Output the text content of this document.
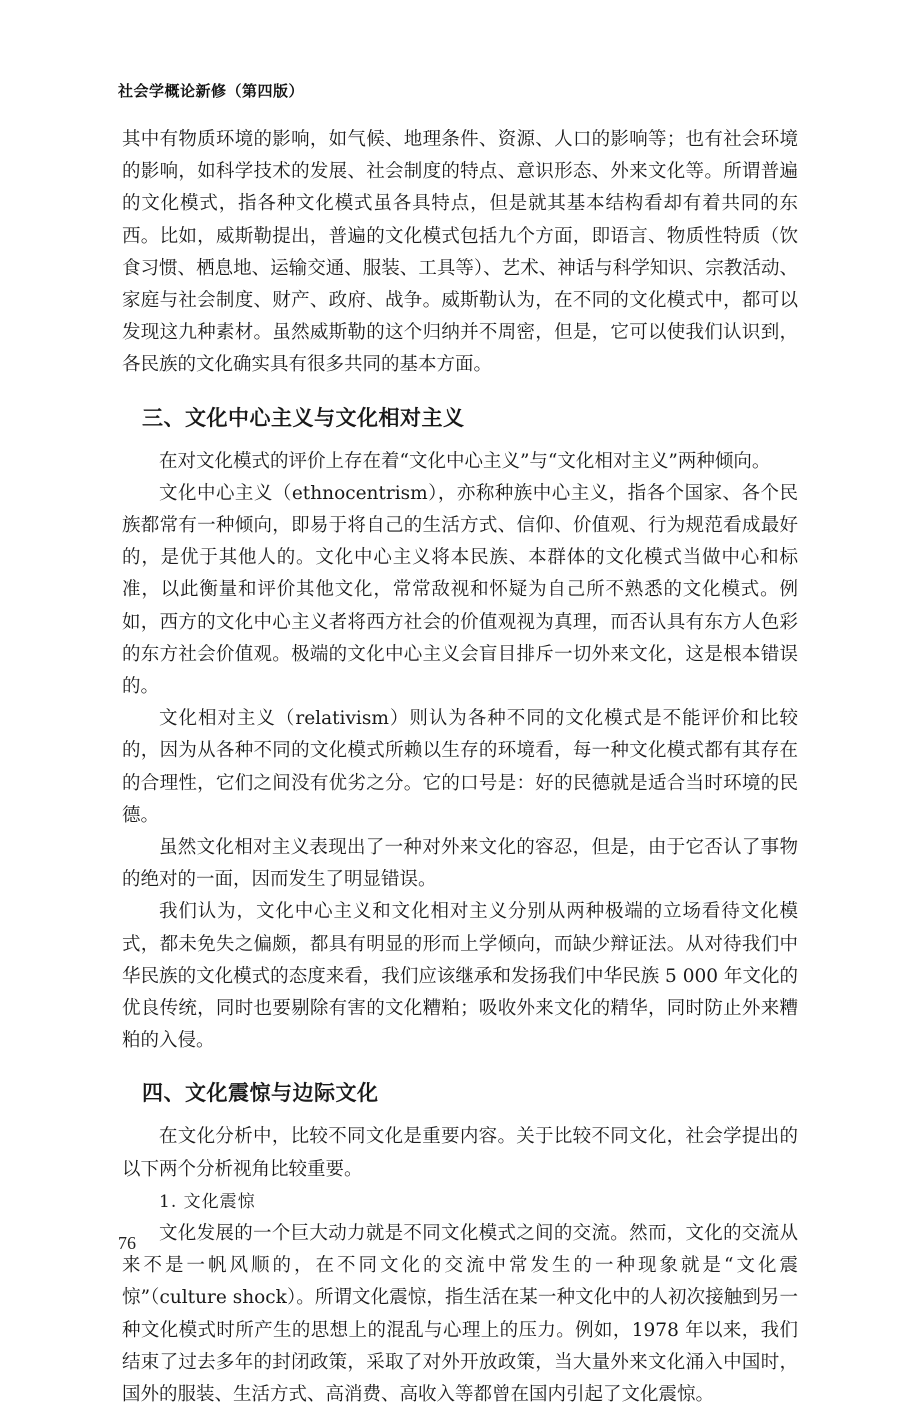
社会学概论新修（第四版）

其中有物质环境的影响，如气候、地理条件、资源、人口的影响等；也有社会环境的影响，如科学技术的发展、社会制度的特点、意识形态、外来文化等。所谓普遍的文化模式，指各种文化模式虽各具特点，但是就其基本结构看却有着共同的东西。比如，威斯勒提出，普遍的文化模式包括九个方面，即语言、物质性特质（饮食习惯、栖息地、运输交通、服装、工具等）、艺术、神话与科学知识、宗教活动、家庭与社会制度、财产、政府、战争。威斯勒认为，在不同的文化模式中，都可以发现这九种素材。虽然威斯勒的这个归纳并不周密，但是，它可以使我们认识到，各民族的文化确实具有很多共同的基本方面。

三、文化中心主义与文化相对主义

在对文化模式的评价上存在着“文化中心主义”与“文化相对主义”两种倾向。

文化中心主义（ethnocentrism），亦称种族中心主义，指各个国家、各个民族都常有一种倾向，即易于将自己的生活方式、信仰、价值观、行为规范看成最好的，是优于其他人的。文化中心主义将本民族、本群体的文化模式当做中心和标准，以此衡量和评价其他文化，常常敌视和怀疑为自己所不熟悉的文化模式。例如，西方的文化中心主义者将西方社会的价值观视为真理，而否认具有东方人色彩的东方社会价值观。极端的文化中心主义会盲目排斥一切外来文化，这是根本错误的。

文化相对主义（relativism）则认为各种不同的文化模式是不能评价和比较的，因为从各种不同的文化模式所赖以生存的环境看，每一种文化模式都有其存在的合理性，它们之间没有优劣之分。它的口号是：好的民德就是适合当时环境的民德。

虽然文化相对主义表现出了一种对外来文化的容忍，但是，由于它否认了事物的绝对的一面，因而发生了明显错误。

我们认为，文化中心主义和文化相对主义分别从两种极端的立场看待文化模式，都未免失之偏颇，都具有明显的形而上学倾向，而缺少辩证法。从对待我们中华民族的文化模式的态度来看，我们应该继承和发扬我们中华民族 5 000 年文化的优良传统，同时也要剔除有害的文化糟粕；吸收外来文化的精华，同时防止外来糟粕的入侵。

四、文化震惊与边际文化

在文化分析中，比较不同文化是重要内容。关于比较不同文化，社会学提出的以下两个分析视角比较重要。

1. 文化震惊

文化发展的一个巨大动力就是不同文化模式之间的交流。然而，文化的交流从来不是一帆风顺的，在不同文化的交流中常发生的一种现象就是“文化震惊”（culture shock）。所谓文化震惊，指生活在某一种文化中的人初次接触到另一种文化模式时所产生的思想上的混乱与心理上的压力。例如，1978 年以来，我们结束了过去多年的封闭政策，采取了对外开放政策，当大量外来文化涌入中国时，国外的服装、生活方式、高消费、高收入等都曾在国内引起了文化震惊。

76
